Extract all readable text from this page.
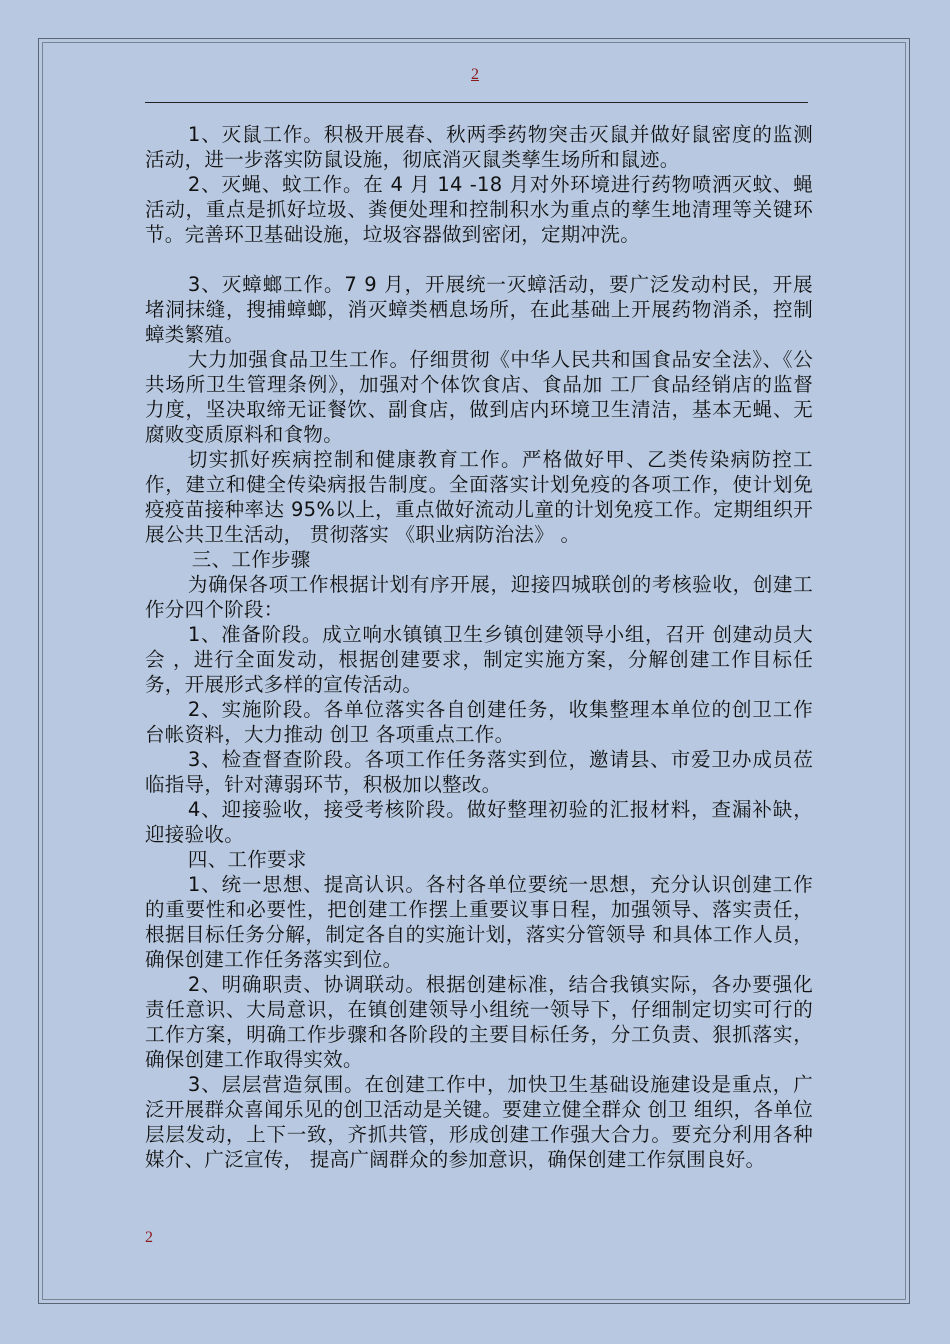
2

1、灭鼠工作。积极开展春、秋两季药物突击灭鼠并做好鼠密度的监测活动，进一步落实防鼠设施，彻底消灭鼠类孳生场所和鼠迹。

2、灭蝇、蚊工作。在 4 月 14 -18 月对外环境进行药物喷洒灭蚊、蝇活动，重点是抓好垃圾、粪便处理和控制积水为重点的孳生地清理等关键环节。完善环卫基础设施，垃圾容器做到密闭，定期冲洗。

3、灭蟑螂工作。7 9 月，开展统一灭蟑活动，要广泛发动村民，开展堵洞抹缝，搜捕蟑螂，消灭蟑类栖息场所，在此基础上开展药物消杀，控制蟑类繁殖。

大力加强食品卫生工作。仔细贯彻《中华人民共和国食品安全法》、《公共场所卫生管理条例》，加强对个体饮食店、食品加 工厂食品经销店的监督力度，坚决取缔无证餐饮、副食店，做到店内环境卫生清洁，基本无蝇、无腐败变质原料和食物。

切实抓好疾病控制和健康教育工作。严格做好甲、乙类传染病防控工作，建立和健全传染病报告制度。全面落实计划免疫的各项工作，使计划免疫疫苗接种率达 95%以上，重点做好流动儿童的计划免疫工作。定期组织开展公共卫生活动， 贯彻落实 《职业病防治法》 。

三、工作步骤

为确保各项工作根据计划有序开展，迎接四城联创的考核验收，创建工作分四个阶段：

1、准备阶段。成立响水镇镇卫生乡镇创建领导小组，召开 创建动员大会 ，进行全面发动，根据创建要求，制定实施方案，分解创建工作目标任务，开展形式多样的宣传活动。

2、实施阶段。各单位落实各自创建任务，收集整理本单位的创卫工作台帐资料，大力推动 创卫 各项重点工作。

3、检查督查阶段。各项工作任务落实到位，邀请县、市爱卫办成员莅临指导，针对薄弱环节，积极加以整改。

4、迎接验收，接受考核阶段。做好整理初验的汇报材料，查漏补缺，迎接验收。

四、工作要求

1、统一思想、提高认识。各村各单位要统一思想，充分认识创建工作的重要性和必要性，把创建工作摆上重要议事日程，加强领导、落实责任，根据目标任务分解，制定各自的实施计划，落实分管领导 和具体工作人员，确保创建工作任务落实到位。

2、明确职责、协调联动。根据创建标准，结合我镇实际，各办要强化责任意识、大局意识，在镇创建领导小组统一领导下，仔细制定切实可行的工作方案，明确工作步骤和各阶段的主要目标任务，分工负责、狠抓落实，确保创建工作取得实效。

3、层层营造氛围。在创建工作中，加快卫生基础设施建设是重点，广泛开展群众喜闻乐见的创卫活动是关键。要建立健全群众 创卫 组织，各单位层层发动，上下一致，齐抓共管，形成创建工作强大合力。要充分利用各种媒介、广泛宣传， 提高广阔群众的参加意识，确保创建工作氛围良好。

2
